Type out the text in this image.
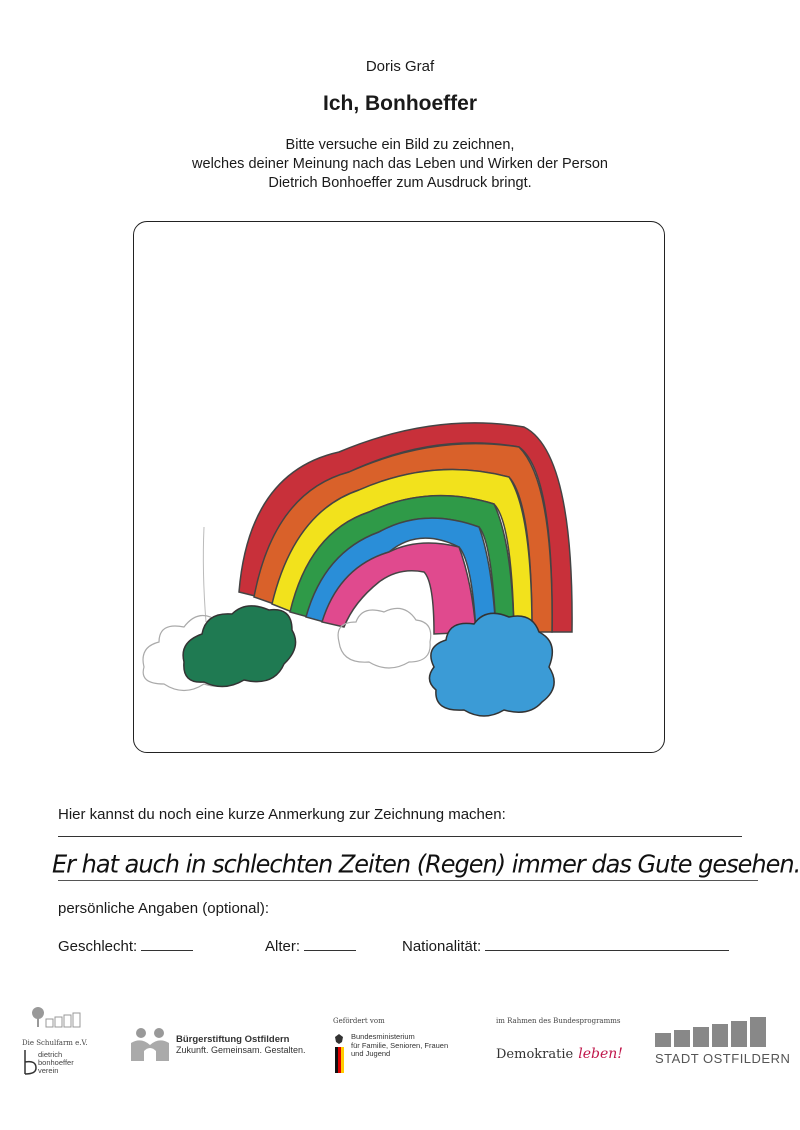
Doris Graf
Ich, Bonhoeffer
Bitte versuche ein Bild zu zeichnen,
welches deiner Meinung nach das Leben und Wirken der Person
Dietrich Bonhoeffer zum Ausdruck bringt.
Hier kannst du noch eine kurze Anmerkung zur Zeichnung machen:
Er hat auch in schlechten Zeiten (Regen) immer das Gute gesehen.
persönliche Angaben (optional):
Geschlecht:	Alter:	Nationalität:
Die Schulfarm e.V.
dietrich bonhoeffer verein
Bürgerstiftung Ostfildern
Zukunft. Gemeinsam. Gestalten.
Gefördert vom
Bundesministerium
für Familie, Senioren, Frauen
und Jugend
im Rahmen des Bundesprogramms
Demokratie leben! STADT OSTFILDERN
